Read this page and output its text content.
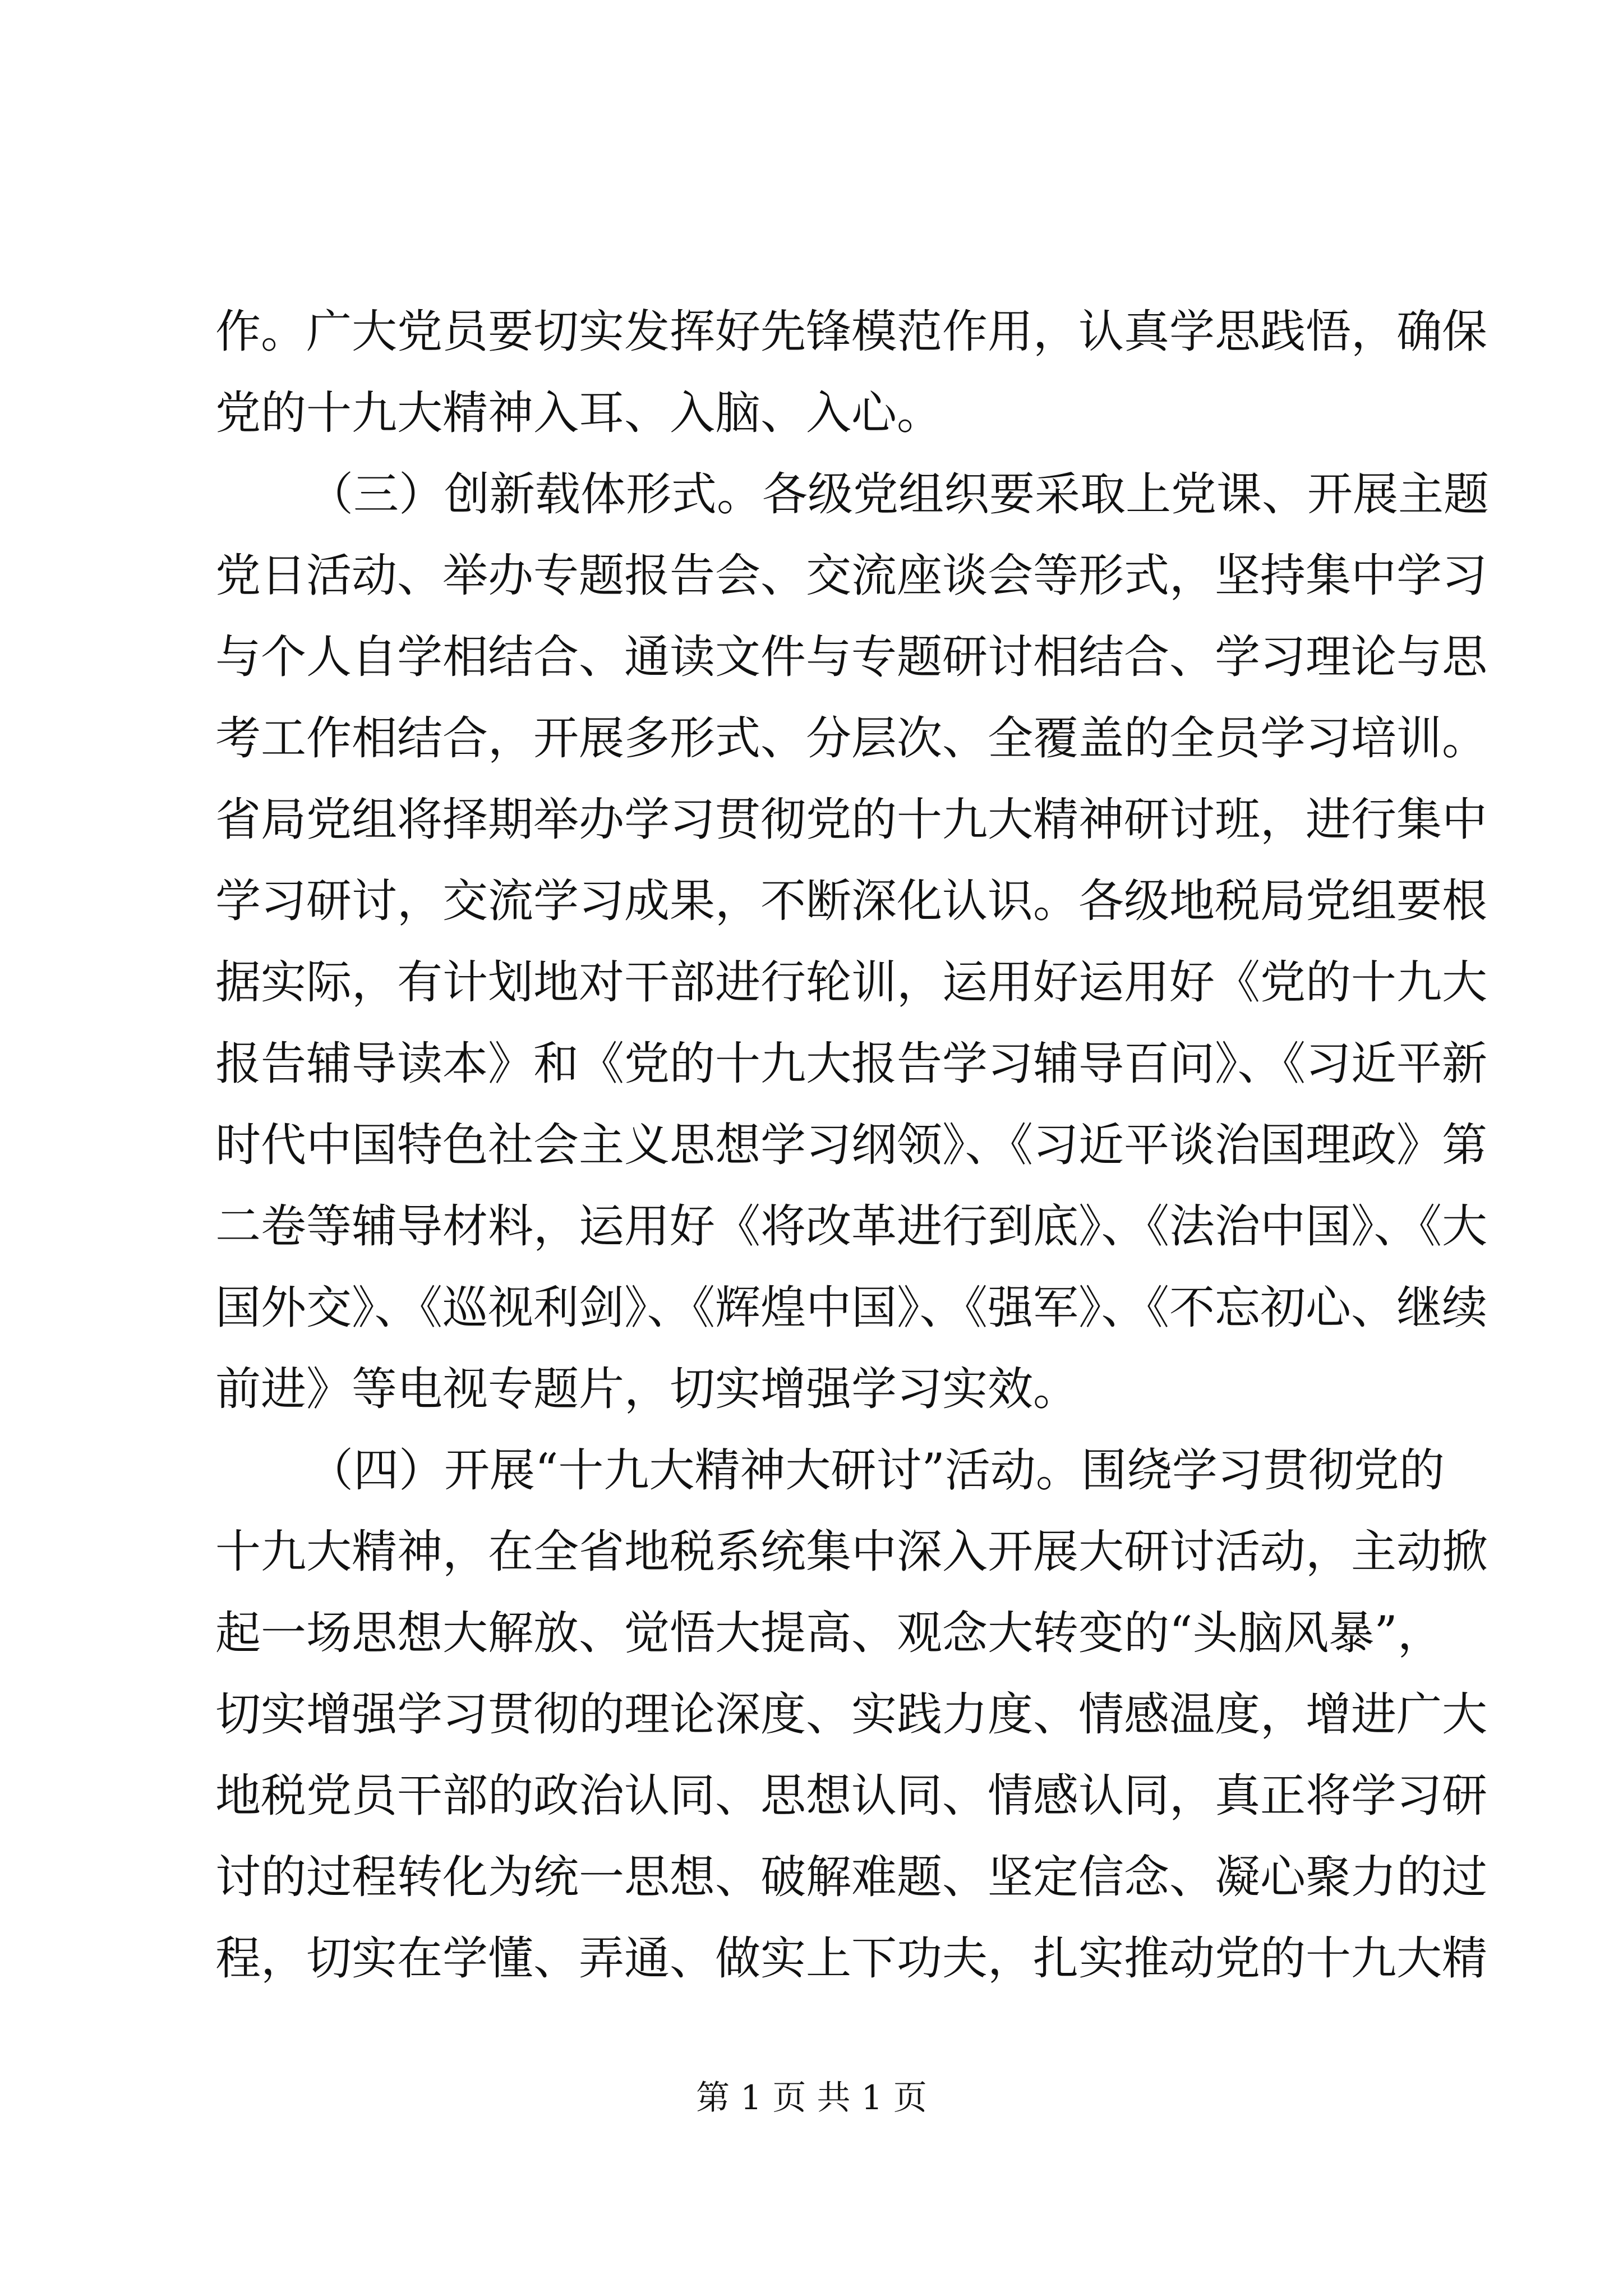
作。广大党员要切实发挥好先锋模范作用，认真学思践悟，确保
党的十九大精神入耳、入脑、入心。
（三）创新载体形式。各级党组织要采取上党课、开展主题
党日活动、举办专题报告会、交流座谈会等形式，坚持集中学习
与个人自学相结合、通读文件与专题研讨相结合、学习理论与思
考工作相结合，开展多形式、分层次、全覆盖的全员学习培训。
省局党组将择期举办学习贯彻党的十九大精神研讨班，进行集中
学习研讨，交流学习成果，不断深化认识。各级地税局党组要根
据实际，有计划地对干部进行轮训，运用好运用好《党的十九大
报告辅导读本》和《党的十九大报告学习辅导百问》、《习近平新
时代中国特色社会主义思想学习纲领》、《习近平谈治国理政》第
二卷等辅导材料，运用好《将改革进行到底》、《法治中国》、《大
国外交》、《巡视利剑》、《辉煌中国》、《强军》、《不忘初心、继续
前进》等电视专题片，切实增强学习实效。
（四）开展“十九大精神大研讨”活动。围绕学习贯彻党的
十九大精神，在全省地税系统集中深入开展大研讨活动，主动掀
起一场思想大解放、觉悟大提高、观念大转变的“头脑风暴”，
切实增强学习贯彻的理论深度、实践力度、情感温度，增进广大
地税党员干部的政治认同、思想认同、情感认同，真正将学习研
讨的过程转化为统一思想、破解难题、坚定信念、凝心聚力的过
程，切实在学懂、弄通、做实上下功夫，扎实推动党的十九大精
第 1 页 共 1 页
